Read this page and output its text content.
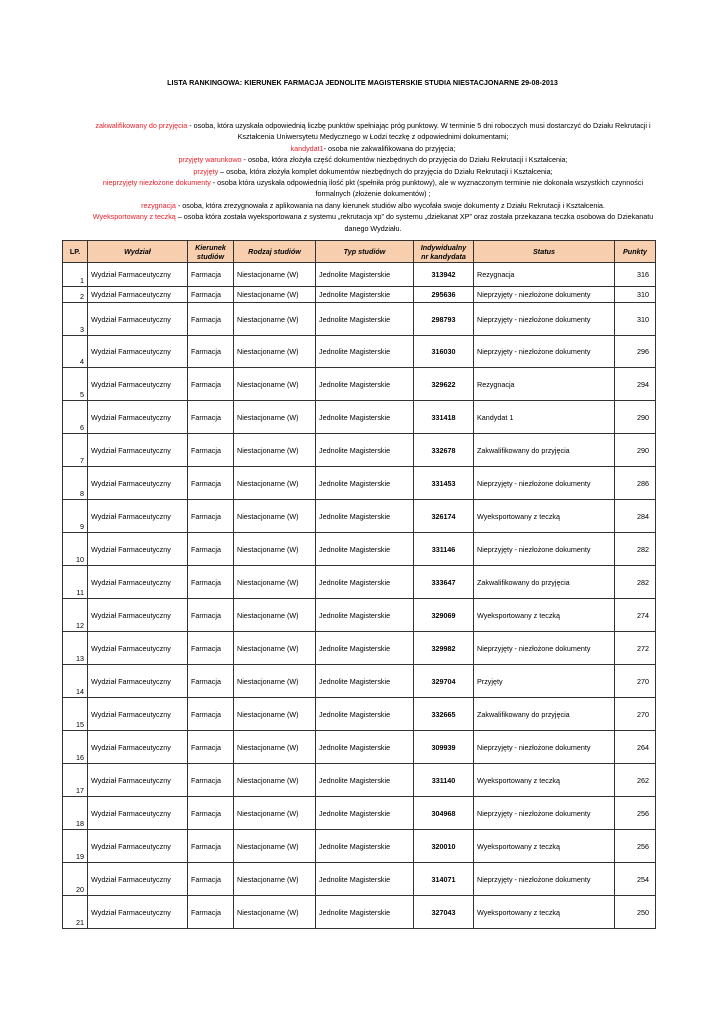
LISTA RANKINGOWA: KIERUNEK FARMACJA JEDNOLITE MAGISTERSKIE STUDIA NIESTACJONARNE 29-08-2013
zakwalifikowany do przyjęcia - osoba, która uzyskała odpowiednią liczbę punktów spełniając próg punktowy. W terminie 5 dni roboczych musi dostarczyć do Działu Rekrutacji i Kształcenia Uniwersytetu Medycznego w Łodzi teczkę z odpowiednimi dokumentami;
kandydat1- osoba nie zakwalifikowana do przyjęcia;
przyjęty warunkowo - osoba, która złożyła część dokumentów niezbędnych do przyjęcia do Działu Rekrutacji i Kształcenia;
przyjęty – osoba, która złożyła komplet dokumentów niezbędnych do przyjęcia do Działu Rekrutacji i Kształcenia;
nieprzyjęty niezłożone dokumenty - osoba która uzyskała odpowiednią ilość pkt (spełniła próg punktowy), ale w wyznaczonym terminie nie dokonała wszystkich czynności formalnych (złożenie dokumentów) ;
rezygnacja - osoba, która zrezygnowała z aplikowania na dany kierunek studiów albo wycofała swoje dokumenty z Działu Rekrutacji i Kształcenia.
Wyeksportowany z teczką – osoba która została wyeksportowana z systemu „rekrutacja xp” do systemu „dziekanat XP” oraz została przekazana teczka osobowa do Dziekanatu danego Wydziału.
LP.	Wydział	Kierunek studiów	Rodzaj studiów	Typ studiów	Indywidualny nr kandydata	Status	Punkty
1	Wydział Farmaceutyczny	Farmacja	Niestacjonarne (W)	Jednolite Magisterskie	313942	Rezygnacja	316
2	Wydział Farmaceutyczny	Farmacja	Niestacjonarne (W)	Jednolite Magisterskie	295636	Nieprzyjęty - niezłożone dokumenty	310
3	Wydział Farmaceutyczny	Farmacja	Niestacjonarne (W)	Jednolite Magisterskie	298793	Nieprzyjęty - niezłożone dokumenty	310
4	Wydział Farmaceutyczny	Farmacja	Niestacjonarne (W)	Jednolite Magisterskie	316030	Nieprzyjęty - niezłożone dokumenty	296
5	Wydział Farmaceutyczny	Farmacja	Niestacjonarne (W)	Jednolite Magisterskie	329622	Rezygnacja	294
6	Wydział Farmaceutyczny	Farmacja	Niestacjonarne (W)	Jednolite Magisterskie	331418	Kandydat 1	290
7	Wydział Farmaceutyczny	Farmacja	Niestacjonarne (W)	Jednolite Magisterskie	332678	Zakwalifikowany do przyjęcia	290
8	Wydział Farmaceutyczny	Farmacja	Niestacjonarne (W)	Jednolite Magisterskie	331453	Nieprzyjęty - niezłożone dokumenty	286
9	Wydział Farmaceutyczny	Farmacja	Niestacjonarne (W)	Jednolite Magisterskie	326174	Wyeksportowany z teczką	284
10	Wydział Farmaceutyczny	Farmacja	Niestacjonarne (W)	Jednolite Magisterskie	331146	Nieprzyjęty - niezłożone dokumenty	282
11	Wydział Farmaceutyczny	Farmacja	Niestacjonarne (W)	Jednolite Magisterskie	333647	Zakwalifikowany do przyjęcia	282
12	Wydział Farmaceutyczny	Farmacja	Niestacjonarne (W)	Jednolite Magisterskie	329069	Wyeksportowany z teczką	274
13	Wydział Farmaceutyczny	Farmacja	Niestacjonarne (W)	Jednolite Magisterskie	329982	Nieprzyjęty - niezłożone dokumenty	272
14	Wydział Farmaceutyczny	Farmacja	Niestacjonarne (W)	Jednolite Magisterskie	329704	Przyjęty	270
15	Wydział Farmaceutyczny	Farmacja	Niestacjonarne (W)	Jednolite Magisterskie	332665	Zakwalifikowany do przyjęcia	270
16	Wydział Farmaceutyczny	Farmacja	Niestacjonarne (W)	Jednolite Magisterskie	309939	Nieprzyjęty - niezłożone dokumenty	264
17	Wydział Farmaceutyczny	Farmacja	Niestacjonarne (W)	Jednolite Magisterskie	331140	Wyeksportowany z teczką	262
18	Wydział Farmaceutyczny	Farmacja	Niestacjonarne (W)	Jednolite Magisterskie	304968	Nieprzyjęty - niezłożone dokumenty	256
19	Wydział Farmaceutyczny	Farmacja	Niestacjonarne (W)	Jednolite Magisterskie	320010	Wyeksportowany z teczką	256
20	Wydział Farmaceutyczny	Farmacja	Niestacjonarne (W)	Jednolite Magisterskie	314071	Nieprzyjęty - niezłożone dokumenty	254
21	Wydział Farmaceutyczny	Farmacja	Niestacjonarne (W)	Jednolite Magisterskie	327043	Wyeksportowany z teczką	250
